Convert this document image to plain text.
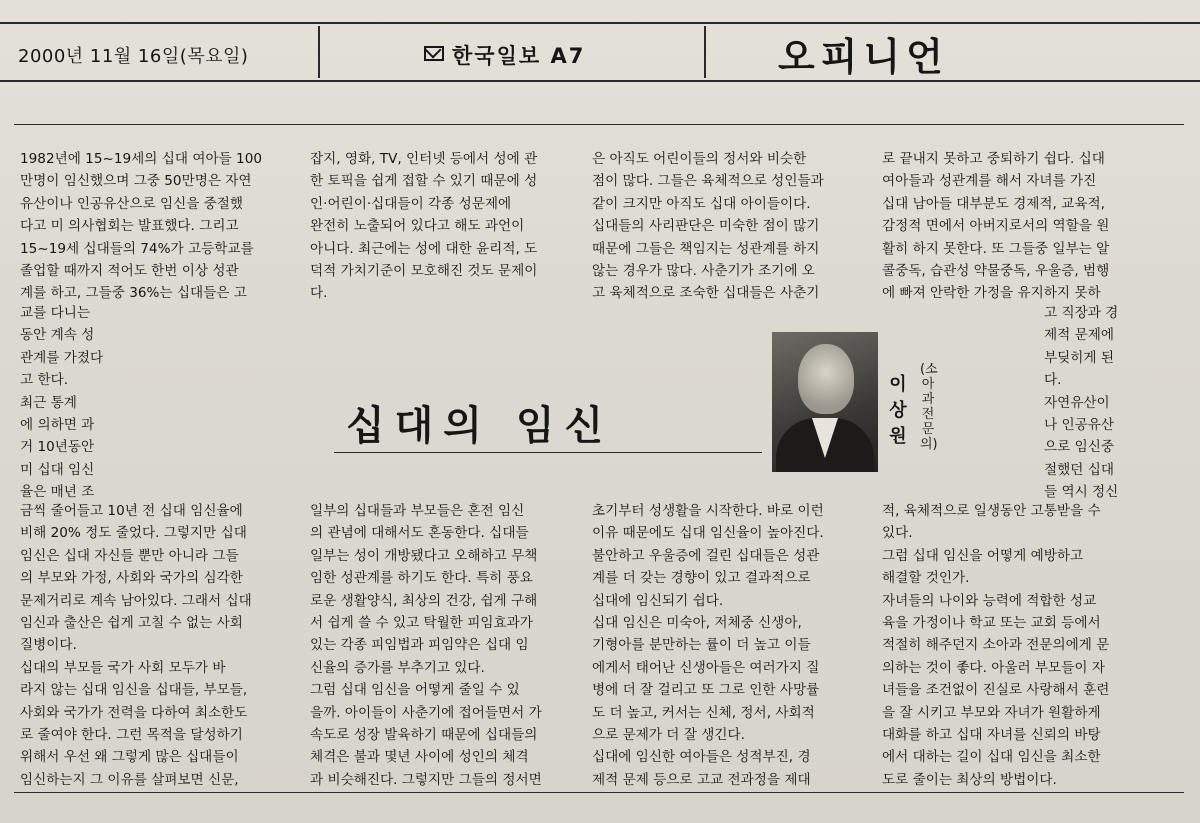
2000년 11월 16일(목요일)	한국일보 A7	오피니언
1982년에 15~19세의 십대 여아들 100
만명이 임신했으며 그중 50만명은 자연
유산이나 인공유산으로 임신을 중절했
다고 미 의사협회는 발표했다. 그리고
15~19세 십대들의 74%가 고등학교를
졸업할 때까지 적어도 한번 이상 성관
계를 하고, 그들중 36%는 십대들은 고
교를 다니는
동안 계속 성
관계를 가졌다
고 한다.
최근 통계
에 의하면 과
거 10년동안
미 십대 임신
율은 매년 조
금씩 줄어들고 10년 전 십대 임신율에
비해 20% 정도 줄었다. 그렇지만 십대
임신은 십대 자신들 뿐만 아니라 그들
의 부모와 가정, 사회와 국가의 심각한
문제거리로 계속 남아있다. 그래서 십대
임신과 출산은 쉽게 고칠 수 없는 사회
질병이다.
십대의 부모들 국가 사회 모두가 바
라지 않는 십대 임신을 십대들, 부모들,
사회와 국가가 전력을 다하여 최소한도
로 줄여야 한다. 그런 목적을 달성하기
위해서 우선 왜 그렇게 많은 십대들이
임신하는지 그 이유를 살펴보면 신문,
잡지, 영화, TV, 인터넷 등에서 성에 관
한 토픽을 쉽게 접할 수 있기 때문에 성
인·어린이·십대들이 각종 성문제에
완전히 노출되어 있다고 해도 과언이
아니다. 최근에는 성에 대한 윤리적, 도
덕적 가치기준이 모호해진 것도 문제이
다.
일부의 십대들과 부모들은 혼전 임신
의 관념에 대해서도 혼동한다. 십대들
일부는 성이 개방됐다고 오해하고 무책
임한 성관계를 하기도 한다. 특히 풍요
로운 생활양식, 최상의 건강, 쉽게 구해
서 쉽게 쓸 수 있고 탁월한 피임효과가
있는 각종 피임법과 피임약은 십대 임
신율의 증가를 부추기고 있다.
그럼 십대 임신을 어떻게 줄일 수 있
을까. 아이들이 사춘기에 접어들면서 가
속도로 성장 발육하기 때문에 십대들의
체격은 불과 몇년 사이에 성인의 체격
과 비슷해진다. 그렇지만 그들의 정서면
은 아직도 어린이들의 정서와 비슷한
점이 많다. 그들은 육체적으로 성인들과
같이 크지만 아직도 십대 아이들이다.
십대들의 사리판단은 미숙한 점이 많기
때문에 그들은 책임지는 성관계를 하지
않는 경우가 많다. 사춘기가 조기에 오
고 육체적으로 조숙한 십대들은 사춘기
초기부터 성생활을 시작한다. 바로 이런
이유 때문에도 십대 임신율이 높아진다.
불안하고 우울증에 걸린 십대들은 성관
계를 더 갖는 경향이 있고 결과적으로
십대에 임신되기 쉽다.
십대 임신은 미숙아, 저체중 신생아,
기형아를 분만하는 률이 더 높고 이들
에게서 태어난 신생아들은 여러가지 질
병에 더 잘 걸리고 또 그로 인한 사망률
도 더 높고, 커서는 신체, 정서, 사회적
으로 문제가 더 잘 생긴다.
십대에 임신한 여아들은 성적부진, 경
제적 문제 등으로 고교 전과정을 제대
로 끝내지 못하고 중퇴하기 쉽다. 십대
여아들과 성관계를 해서 자녀를 가진
십대 남아들 대부분도 경제적, 교육적,
감정적 면에서 아버지로서의 역할을 원
활히 하지 못한다. 또 그들중 일부는 알
콜중독, 습관성 약물중독, 우울증, 범행
에 빠져 안락한 가정을 유지하지 못하
고 직장과 경
제적 문제에
부딪히게 된
다.
자연유산이
나 인공유산
으로 임신중
절했던 십대
들 역시 정신
적, 육체적으로 일생동안 고통받을 수
있다.
그럼 십대 임신을 어떻게 예방하고
해결할 것인가.
자녀들의 나이와 능력에 적합한 성교
육을 가정이나 학교 또는 교회 등에서
적절히 해주던지 소아과 전문의에게 문
의하는 것이 좋다. 아울러 부모들이 자
녀들을 조건없이 진실로 사랑해서 훈련
을 잘 시키고 부모와 자녀가 원활하게
대화를 하고 십대 자녀를 신뢰의 바탕
에서 대하는 길이 십대 임신을 최소한
도로 줄이는 최상의 방법이다.
십대의 임신
이상원
(소아과 전문의)
